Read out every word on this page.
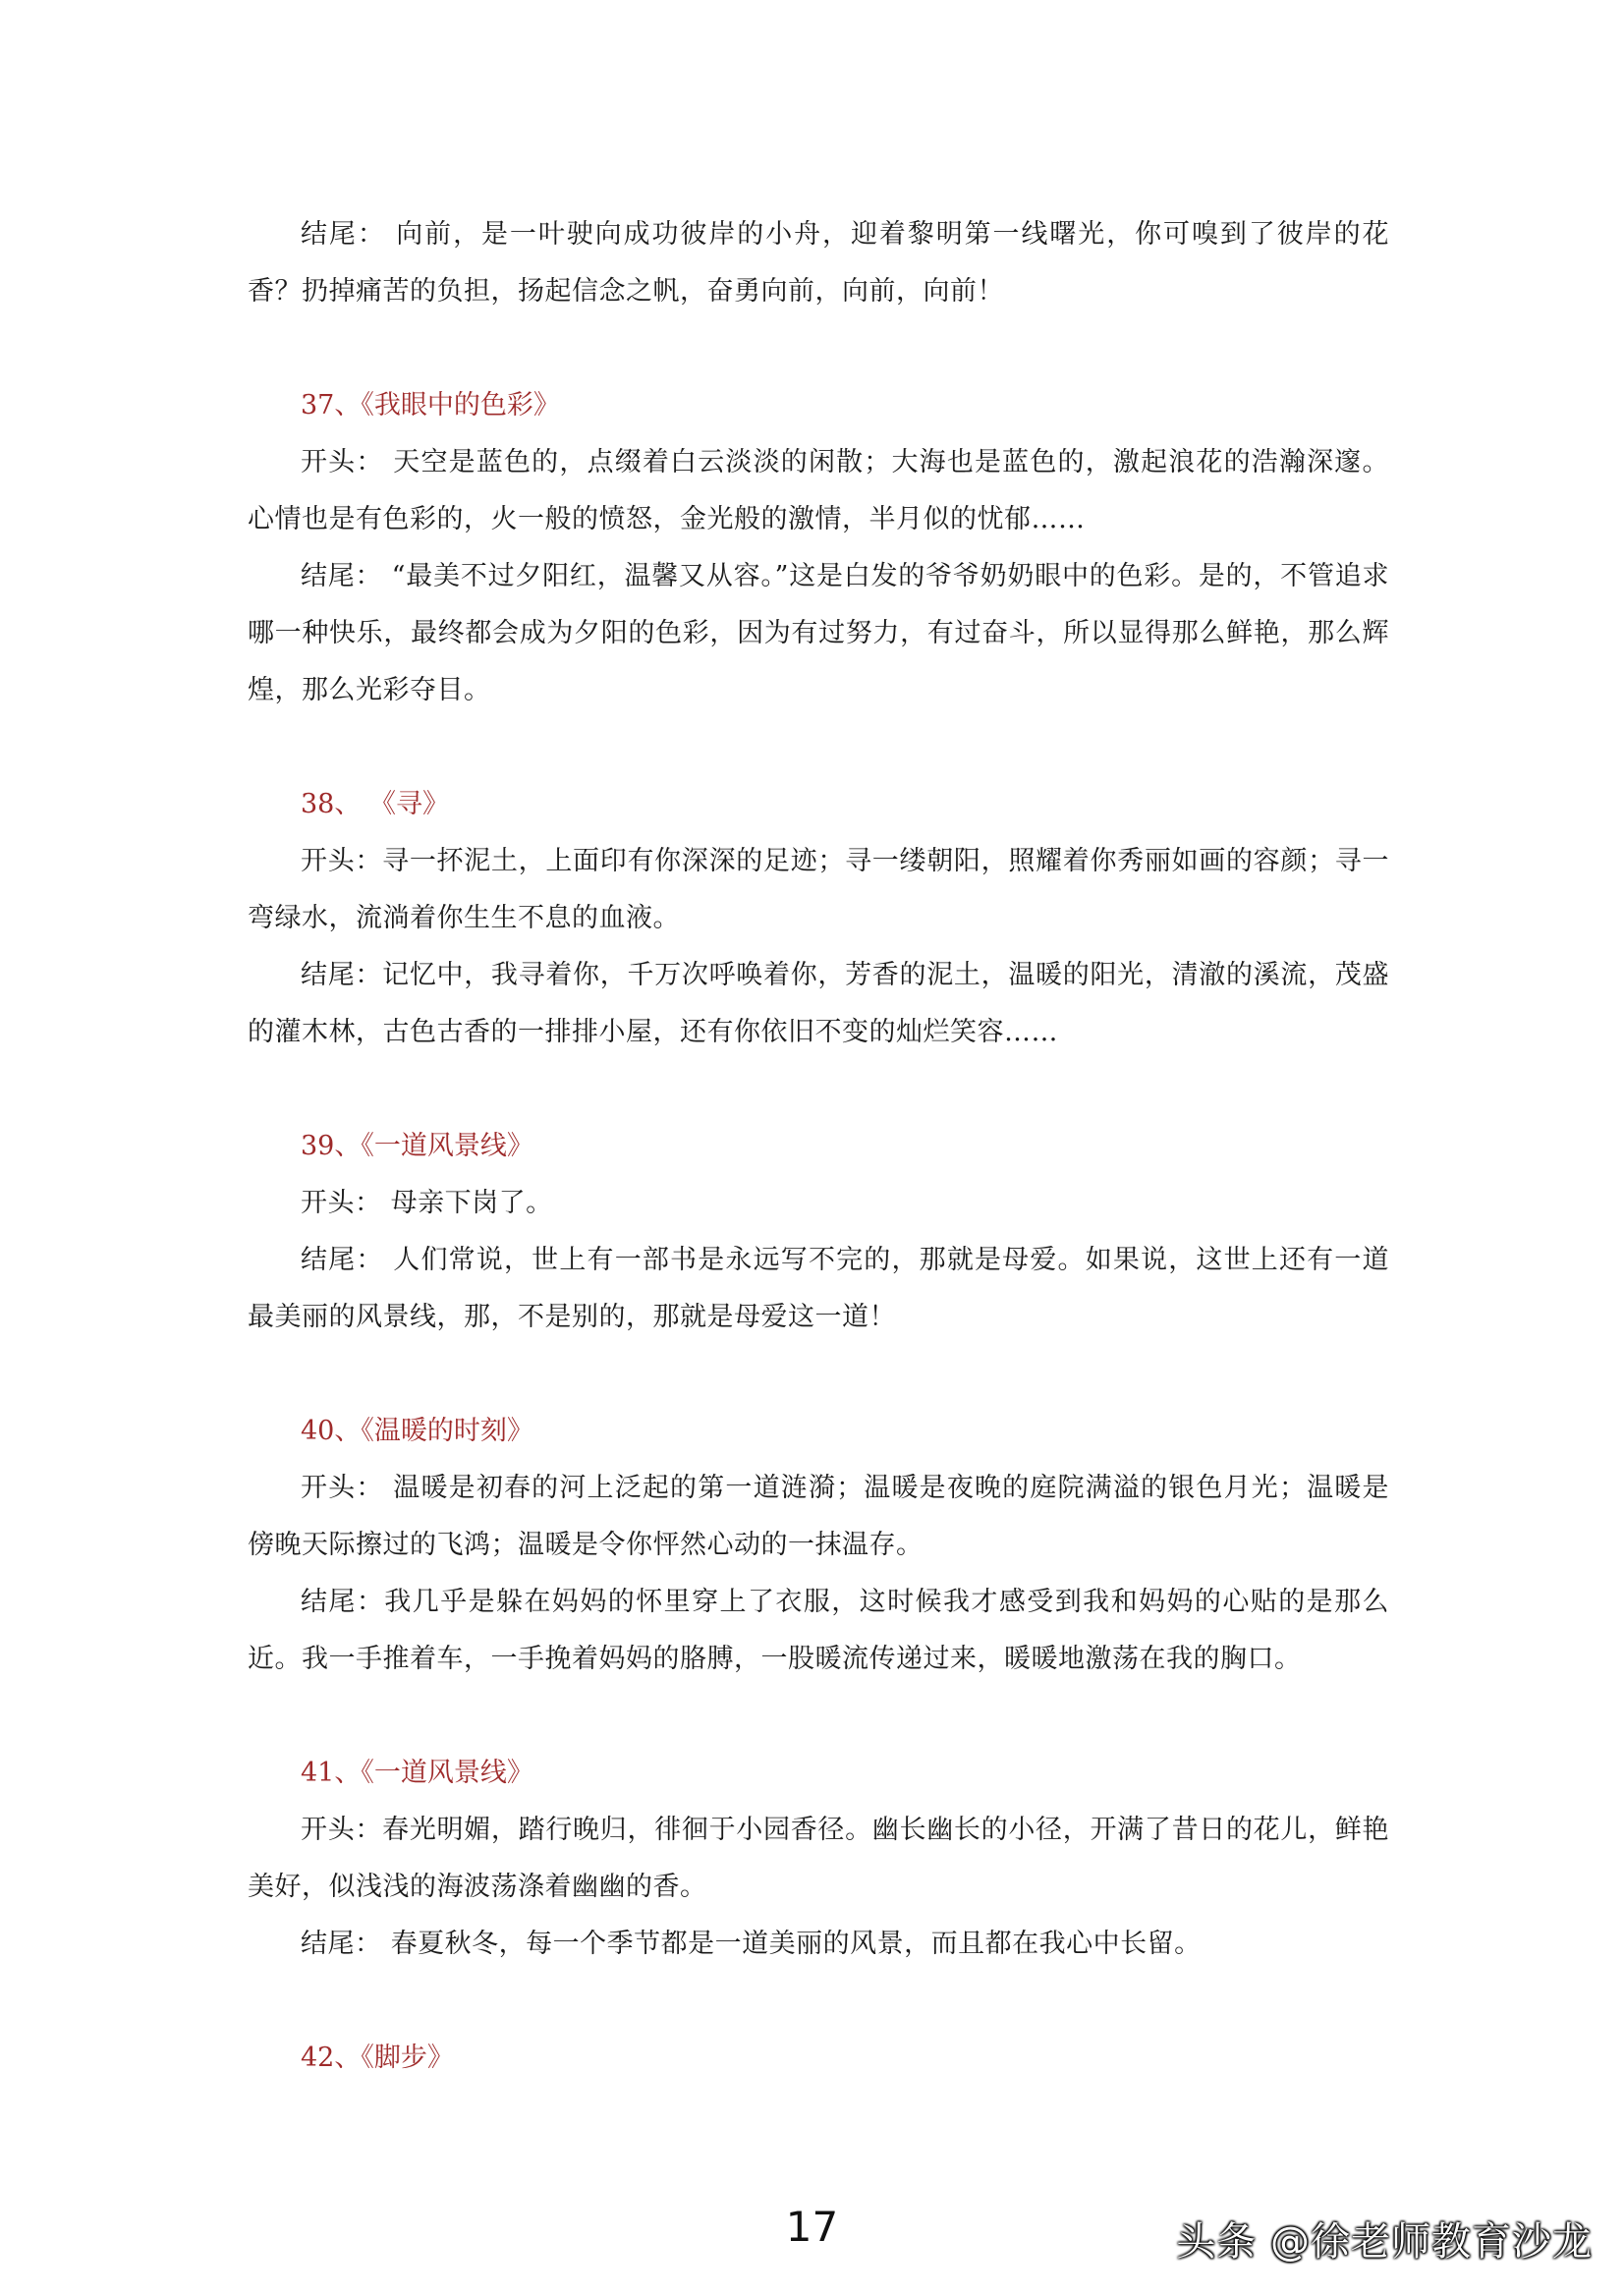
结尾： 向前，是一叶驶向成功彼岸的小舟，迎着黎明第一线曙光，你可嗅到了彼岸的花香？扔掉痛苦的负担，扬起信念之帆，奋勇向前，向前，向前！

37、《我眼中的色彩》

开头： 天空是蓝色的，点缀着白云淡淡的闲散；大海也是蓝色的，激起浪花的浩瀚深邃。心情也是有色彩的，火一般的愤怒，金光般的激情，半月似的忧郁……

结尾： “最美不过夕阳红，温馨又从容。”这是白发的爷爷奶奶眼中的色彩。是的，不管追求哪一种快乐，最终都会成为夕阳的色彩，因为有过努力，有过奋斗，所以显得那么鲜艳，那么辉煌，那么光彩夺目。

38、 《寻》

开头：寻一抔泥土，上面印有你深深的足迹；寻一缕朝阳，照耀着你秀丽如画的容颜；寻一弯绿水，流淌着你生生不息的血液。

结尾：记忆中，我寻着你，千万次呼唤着你，芳香的泥土，温暖的阳光，清澈的溪流，茂盛的灌木林，古色古香的一排排小屋，还有你依旧不变的灿烂笑容……

39、《一道风景线》

开头： 母亲下岗了。

结尾： 人们常说，世上有一部书是永远写不完的，那就是母爱。如果说，这世上还有一道最美丽的风景线，那，不是别的，那就是母爱这一道！

40、《温暖的时刻》

开头： 温暖是初春的河上泛起的第一道涟漪；温暖是夜晚的庭院满溢的银色月光；温暖是傍晚天际擦过的飞鸿；温暖是令你怦然心动的一抹温存。

结尾：我几乎是躲在妈妈的怀里穿上了衣服，这时候我才感受到我和妈妈的心贴的是那么近。我一手推着车，一手挽着妈妈的胳膊，一股暖流传递过来，暖暖地激荡在我的胸口。

41、《一道风景线》

开头：春光明媚，踏行晚归，徘徊于小园香径。幽长幽长的小径，开满了昔日的花儿，鲜艳美好，似浅浅的海波荡涤着幽幽的香。

结尾： 春夏秋冬，每一个季节都是一道美丽的风景，而且都在我心中长留。

42、《脚步》

17	头条 @徐老师教育沙龙
